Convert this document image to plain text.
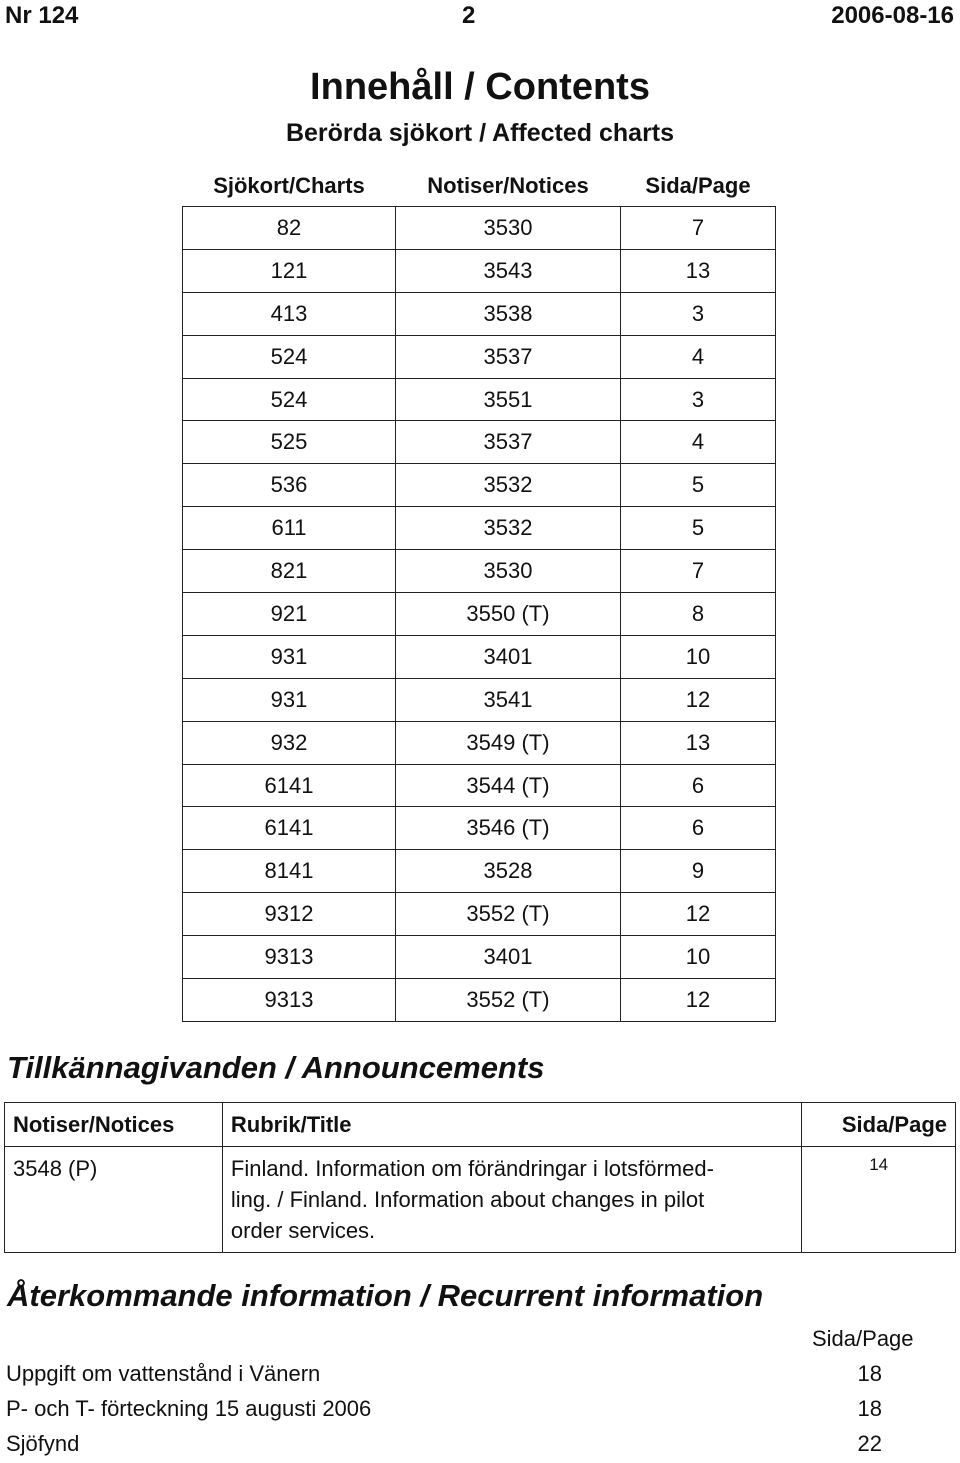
Nr 124	2	2006-08-16
Innehåll / Contents
Berörda sjökort / Affected charts
Sjökort/Charts	Notiser/Notices	Sida/Page
82	3530	7
121	3543	13
413	3538	3
524	3537	4
524	3551	3
525	3537	4
536	3532	5
611	3532	5
821	3530	7
921	3550 (T)	8
931	3401	10
931	3541	12
932	3549 (T)	13
6141	3544 (T)	6
6141	3546 (T)	6
8141	3528	9
9312	3552 (T)	12
9313	3401	10
9313	3552 (T)	12
Tillkännagivanden / Announcements
Notiser/Notices	Rubrik/Title	Sida/Page
3548 (P)	Finland. Information om förändringar i lotsförmed-
ling. / Finland. Information about changes in pilot
order services.	14
Återkommande information / Recurrent information
Sida/Page
Uppgift om vattenstånd i Vänern	18
P- och T- förteckning 15 augusti 2006	18
Sjöfynd	22
